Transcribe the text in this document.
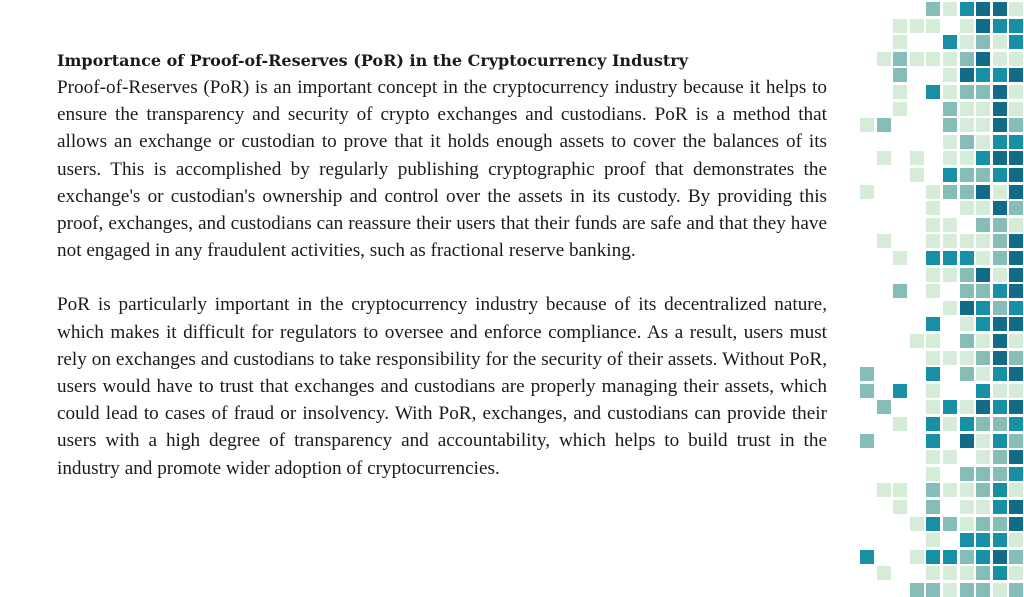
Importance of Proof-of-Reserves (PoR) in the Cryptocurrency Industry

Proof-of-Reserves (PoR) is an important concept in the cryptocurrency industry because it helps to ensure the transparency and security of crypto exchanges and custodians. PoR is a method that allows an exchange or custodian to prove that it holds enough assets to cover the balances of its users. This is accomplished by regularly publishing cryptographic proof that demonstrates the exchange's or custodian's ownership and control over the assets in its custody. By providing this proof, exchanges, and custodians can reassure their users that their funds are safe and that they have not engaged in any fraudulent activities, such as fractional reserve banking.

PoR is particularly important in the cryptocurrency industry because of its decentralized nature, which makes it difficult for regulators to oversee and enforce compliance. As a result, users must rely on exchanges and custodians to take responsibility for the security of their assets. Without PoR, users would have to trust that exchanges and custodians are properly managing their assets, which could lead to cases of fraud or insolvency. With PoR, exchanges, and custodians can provide their users with a high degree of transparency and accountability, which helps to build trust in the industry and promote wider adoption of cryptocurrencies.
